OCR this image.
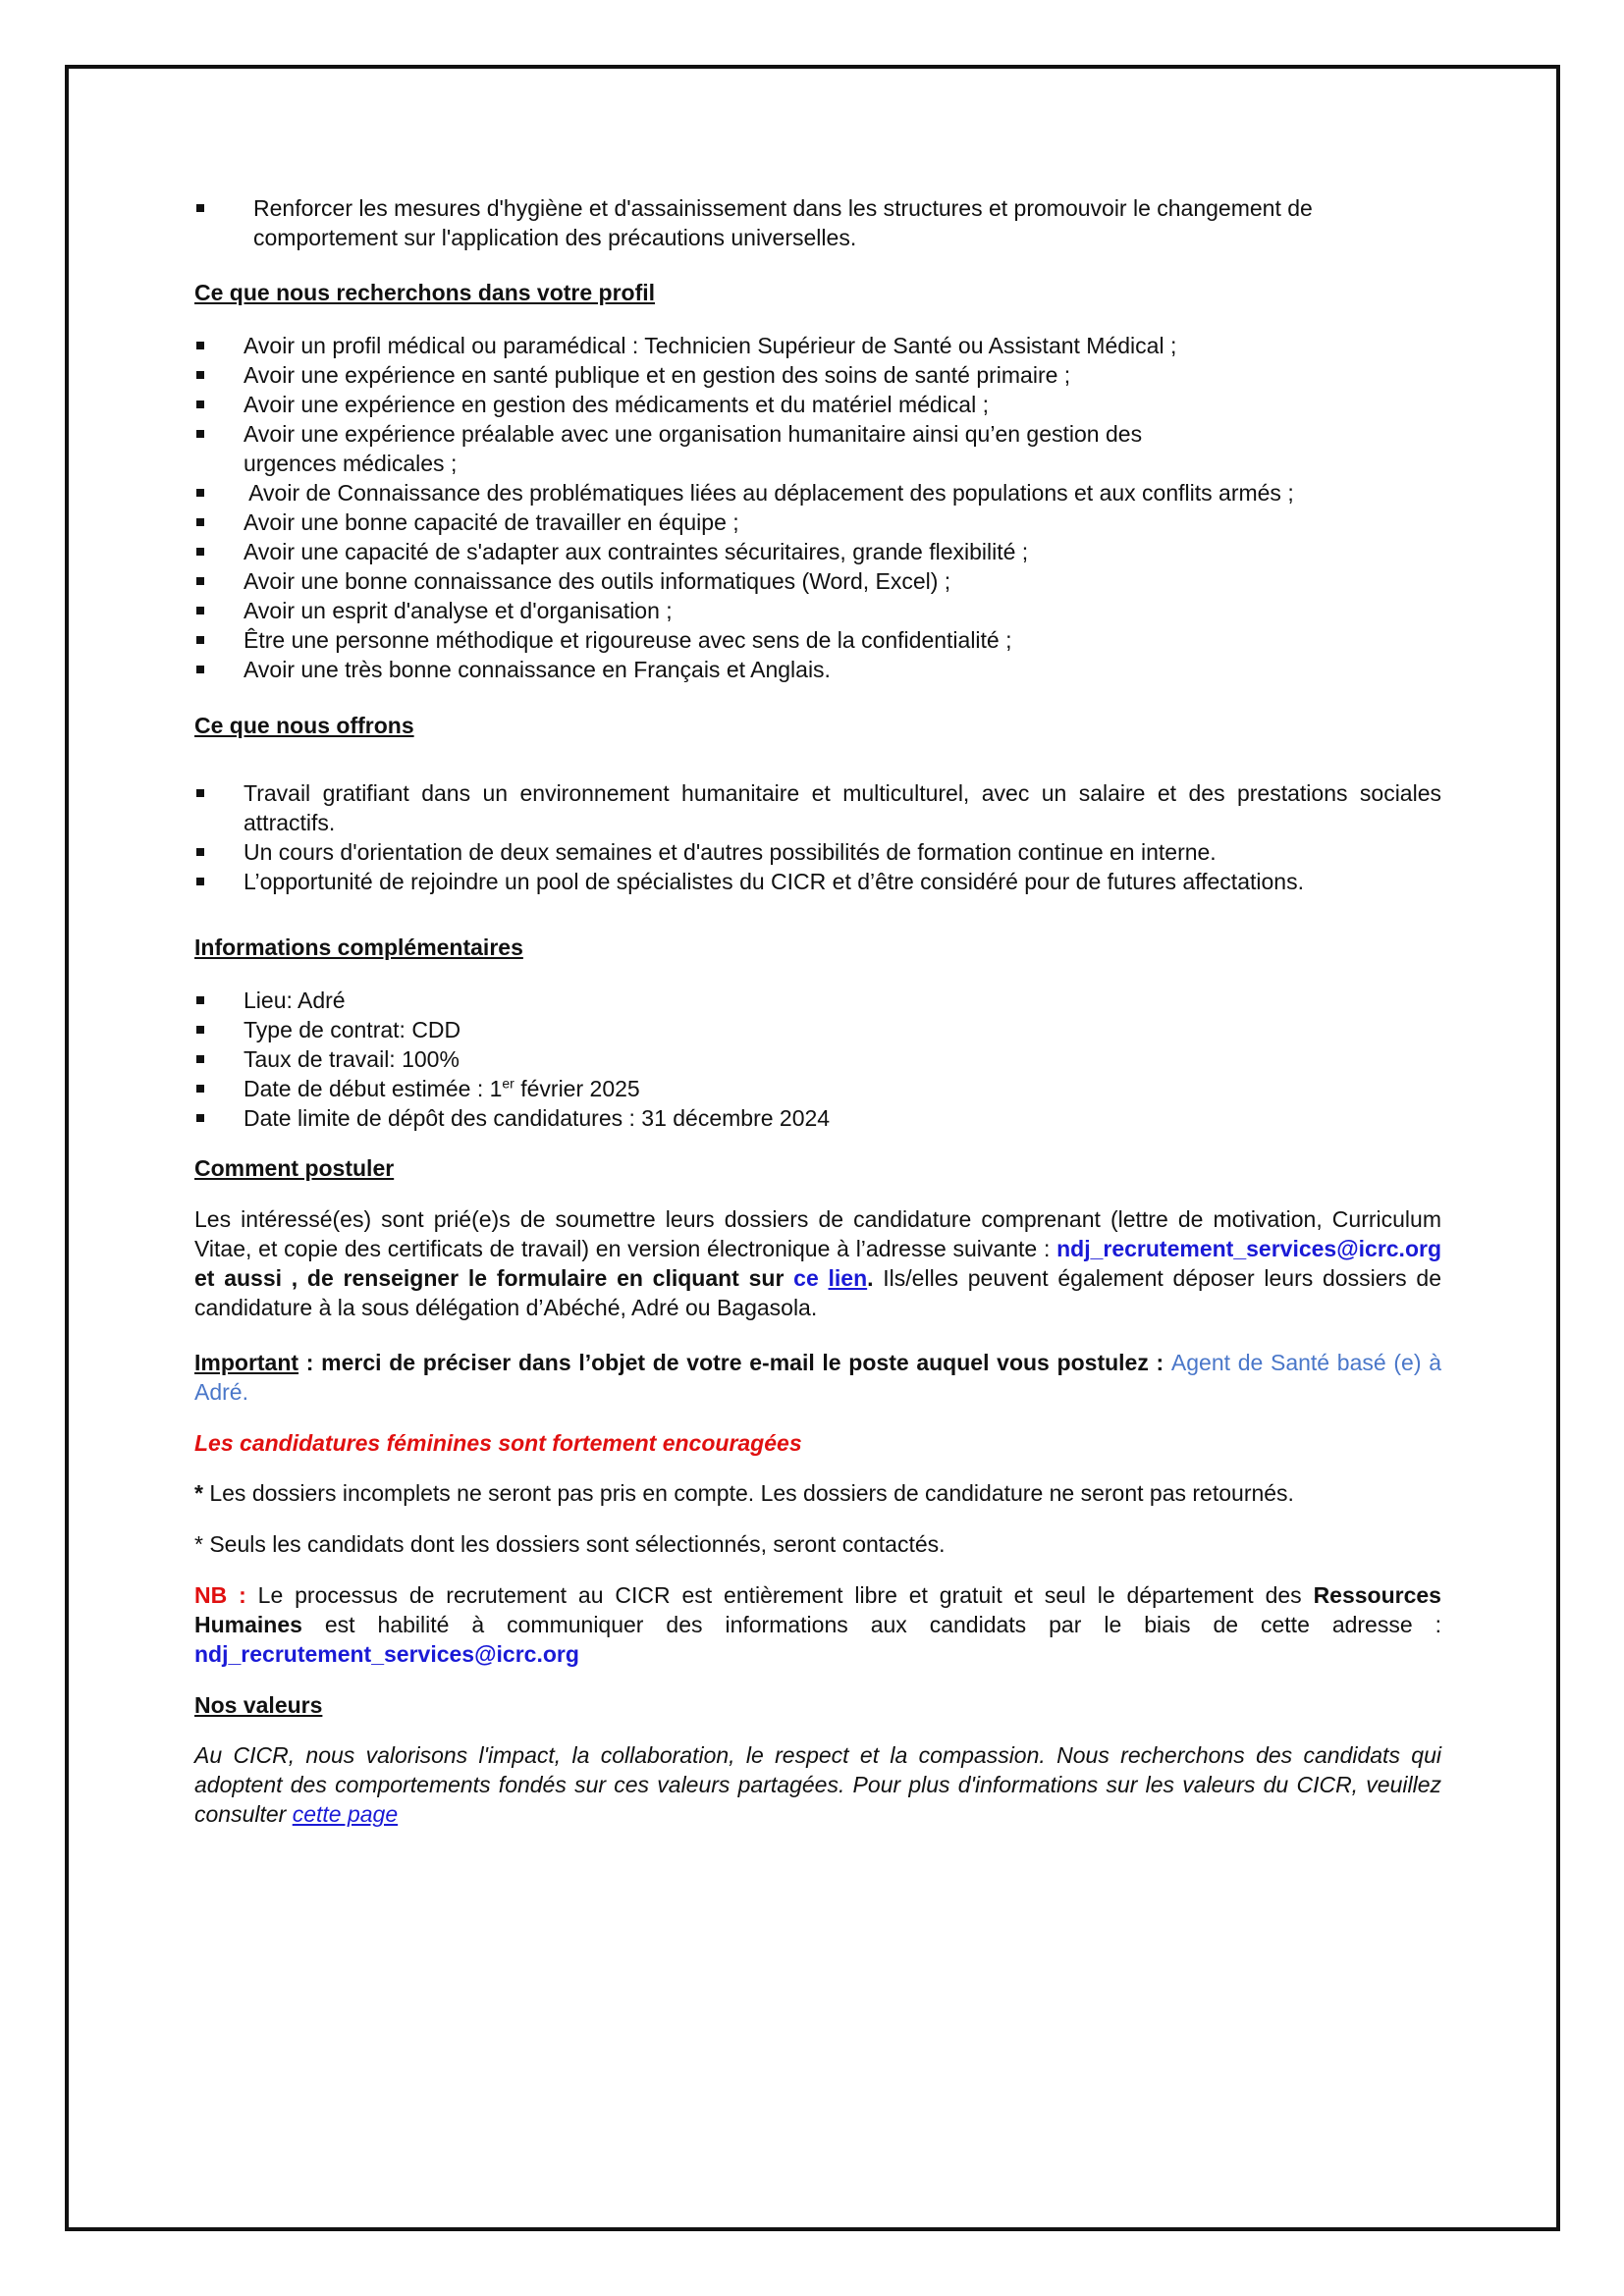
Renforcer les mesures d'hygiène et d'assainissement dans les structures et promouvoir le changement de comportement sur l'application des précautions universelles.

Ce que nous recherchons dans votre profil

Avoir un profil médical ou paramédical : Technicien Supérieur de Santé ou Assistant Médical ;
Avoir une expérience en santé publique et en gestion des soins de santé primaire ;
Avoir une expérience en gestion des médicaments et du matériel médical ;
Avoir une expérience préalable avec une organisation humanitaire ainsi qu’en gestion des urgences médicales ;
Avoir de Connaissance des problématiques liées au déplacement des populations et aux conflits armés ;
Avoir une bonne capacité de travailler en équipe ;
Avoir une capacité de s'adapter aux contraintes sécuritaires, grande flexibilité ;
Avoir une bonne connaissance des outils informatiques (Word, Excel) ;
Avoir un esprit d'analyse et d'organisation ;
Être une personne méthodique et rigoureuse avec sens de la confidentialité ;
Avoir une très bonne connaissance en Français et Anglais.

Ce que nous offrons

Travail gratifiant dans un environnement humanitaire et multiculturel, avec un salaire et des prestations sociales attractifs.
Un cours d'orientation de deux semaines et d'autres possibilités de formation continue en interne.
L’opportunité de rejoindre un pool de spécialistes du CICR et d’être considéré pour de futures affectations.

Informations complémentaires

Lieu: Adré
Type de contrat: CDD
Taux de travail: 100%
Date de début estimée : 1er février 2025
Date limite de dépôt des candidatures : 31 décembre 2024

Comment postuler

Les intéressé(es) sont prié(e)s de soumettre leurs dossiers de candidature comprenant (lettre de motivation, Curriculum Vitae, et copie des certificats de travail) en version électronique à l’adresse suivante : ndj_recrutement_services@icrc.org et aussi , de renseigner le formulaire en cliquant sur ce lien. Ils/elles peuvent également déposer leurs dossiers de candidature à la sous délégation d’Abéché, Adré ou Bagasola.

Important : merci de préciser dans l’objet de votre e-mail le poste auquel vous postulez : Agent de Santé basé (e) à Adré.

Les candidatures féminines sont fortement encouragées

* Les dossiers incomplets ne seront pas pris en compte. Les dossiers de candidature ne seront pas retournés.

* Seuls les candidats dont les dossiers sont sélectionnés, seront contactés.

NB : Le processus de recrutement au CICR est entièrement libre et gratuit et seul le département des Ressources Humaines est habilité à communiquer des informations aux candidats par le biais de cette adresse : ndj_recrutement_services@icrc.org

Nos valeurs

Au CICR, nous valorisons l'impact, la collaboration, le respect et la compassion. Nous recherchons des candidats qui adoptent des comportements fondés sur ces valeurs partagées. Pour plus d'informations sur les valeurs du CICR, veuillez consulter cette page
